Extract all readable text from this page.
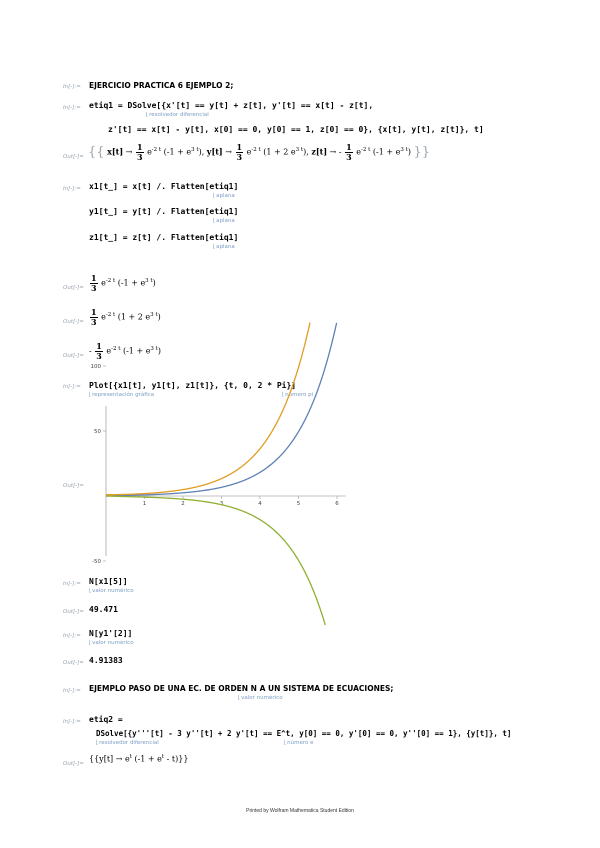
In[-]:= EJERCICIO PRACTICA 6 EJEMPLO 2;
In[-]:= etiq1 = DSolve[{x'[t] == y[t] + z[t], y'[t] == x[t] - z[t],
⌊ resolvedor diferencial
z'[t] == x[t] - y[t], x[0] == 0, y[0] == 1, z[0] == 0}, {x[t], y[t], z[t]}, t]
Out[-]= {{ $x[t] \to \frac{1}{3} e^{-2 t}$ $(-1 + e^{3 t})$, $y[t] \to \frac{1}{3} e^{-2 t}$ (1 + 2 $e^{3 t}$), z[t] → - $\frac{1}{3} e^{-2 t}$ $(-1 + e^{3 t})$ }}
In[-]:= x1[t_] = x[t] /. Flatten[etiq1]
⌊ aplana
y1[t_] = y[t] /. Flatten[etiq1]
⌊ aplana
z1[t_] = z[t] /. Flatten[etiq1]
⌊ aplana
$Out[-]= \frac{1}{3} e^{-2 t}$ $(-1 + e^{3 t})$
$Out[-]= \frac{1}{3} e^{-2 t}$ (1 + 2 $e^{3 t}$)
Out[-]=
- $\frac{1}{3} e^{-2 t}$ $(-1 + e^{3 t})$
In[-]:= Plot[{x1[t], y1[t], z1[t]}, {t, 0, 2 * Pi}]
⌊ representación gráfica	⌊ número pi
Out[-]=
1	2	3	4	5	6
100
50
-50
In[-]:= N[x1[5]]
⌊ valor numérico
Out[-]= 49.471
In[-]:= N[y1'[2]]
⌊ valor numérico
Out[-]= 4.91383
In[-]:= EJEMPLO PASO DE UNA EC. DE ORDEN N A UN SISTEMA DE ECUACIONES;
⌊ valor numérico
In[-]:= etiq2 =
DSolve[{y'''[t] - 3 y''[t] + 2 y'[t] == E^t, y[0] == 0, y'[0] == 0, y''[0] == 1}, {y[t]}, t]
⌊ resolvedor diferencial	⌊ número e
Out[-]=
{{$y[t] \to e^t$ $(-1 + e^t - t)$}}
Printed by Wolfram Mathematica Student Edition
